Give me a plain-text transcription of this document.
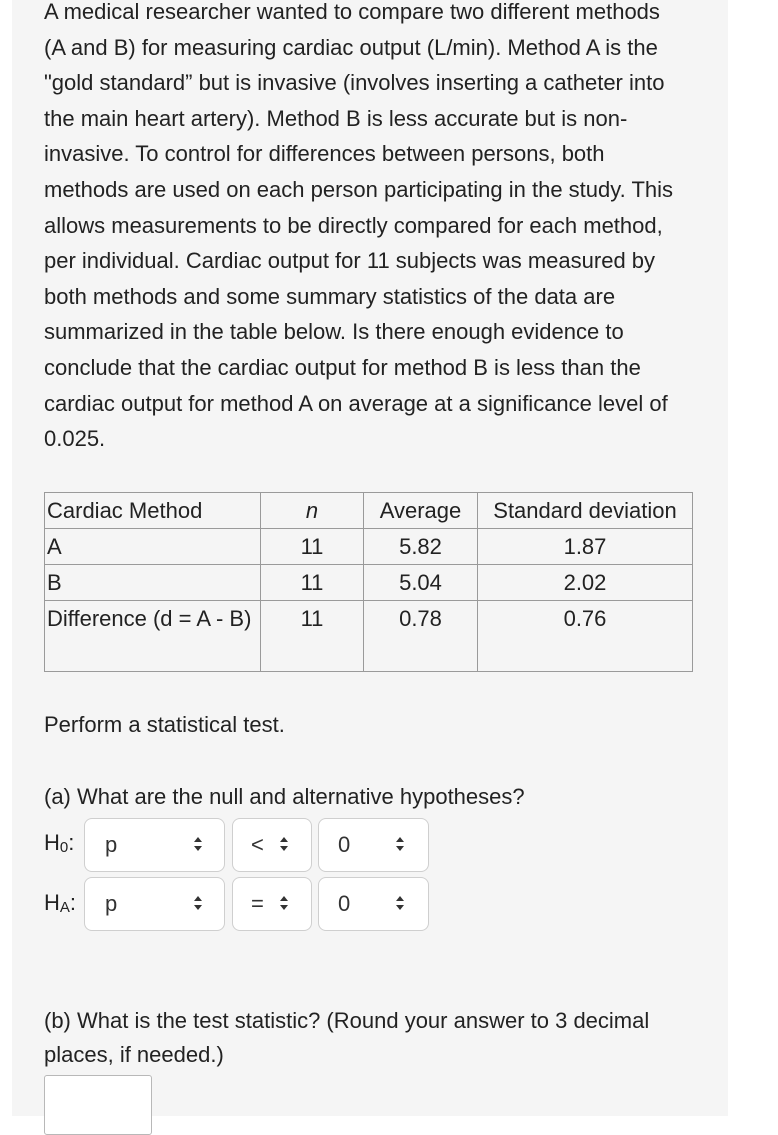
A medical researcher wanted to compare two different methods (A and B) for measuring cardiac output (L/min). Method A is the "gold standard” but is invasive (involves inserting a catheter into the main heart artery). Method B is less accurate but is non-invasive. To control for differences between persons, both methods are used on each person participating in the study. This allows measurements to be directly compared for each method, per individual. Cardiac output for 11 subjects was measured by both methods and some summary statistics of the data are summarized in the table below. Is there enough evidence to conclude that the cardiac output for method B is less than the cardiac output for method A on average at a significance level of 0.025.

Cardiac Method	n	Average	Standard deviation
A	11	5.82	1.87
B	11	5.04	2.02
Difference (d = A - B)	11	0.78	0.76

Perform a statistical test.

(a) What are the null and alternative hypotheses?

$H_0$: p	<	0
$H_A$: p	=	0

(b) What is the test statistic? (Round your answer to 3 decimal places, if needed.)
